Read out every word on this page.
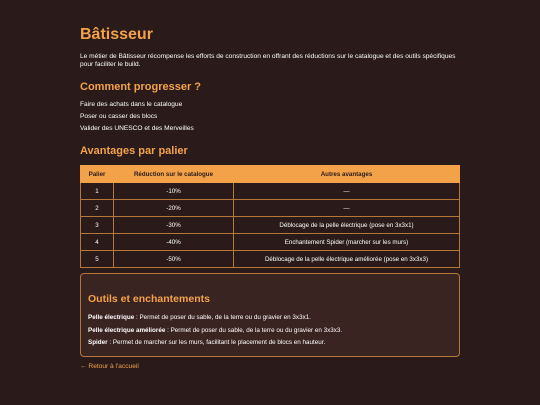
Bâtisseur

Le métier de Bâtisseur récompense les efforts de construction en offrant des réductions sur le catalogue et des outils spécifiques pour faciliter le build.

Comment progresser ?
Faire des achats dans le catalogue
Poser ou casser des blocs
Valider des UNESCO et des Merveilles
Avantages par palier
Palier	Réduction sur le catalogue	Autres avantages
1	-10%	—
2	-20%	—
3	-30%	Déblocage de la pelle électrique (pose en 3x3x1)
4	-40%	Enchantement Spider (marcher sur les murs)
5	-50%	Déblocage de la pelle électrique améliorée (pose en 3x3x3)
Outils et enchantements
Pelle électrique : Permet de poser du sable, de la terre ou du gravier en 3x3x1.
Pelle électrique améliorée : Permet de poser du sable, de la terre ou du gravier en 3x3x3.
Spider : Permet de marcher sur les murs, facilitant le placement de blocs en hauteur.
← Retour à l'accueil
